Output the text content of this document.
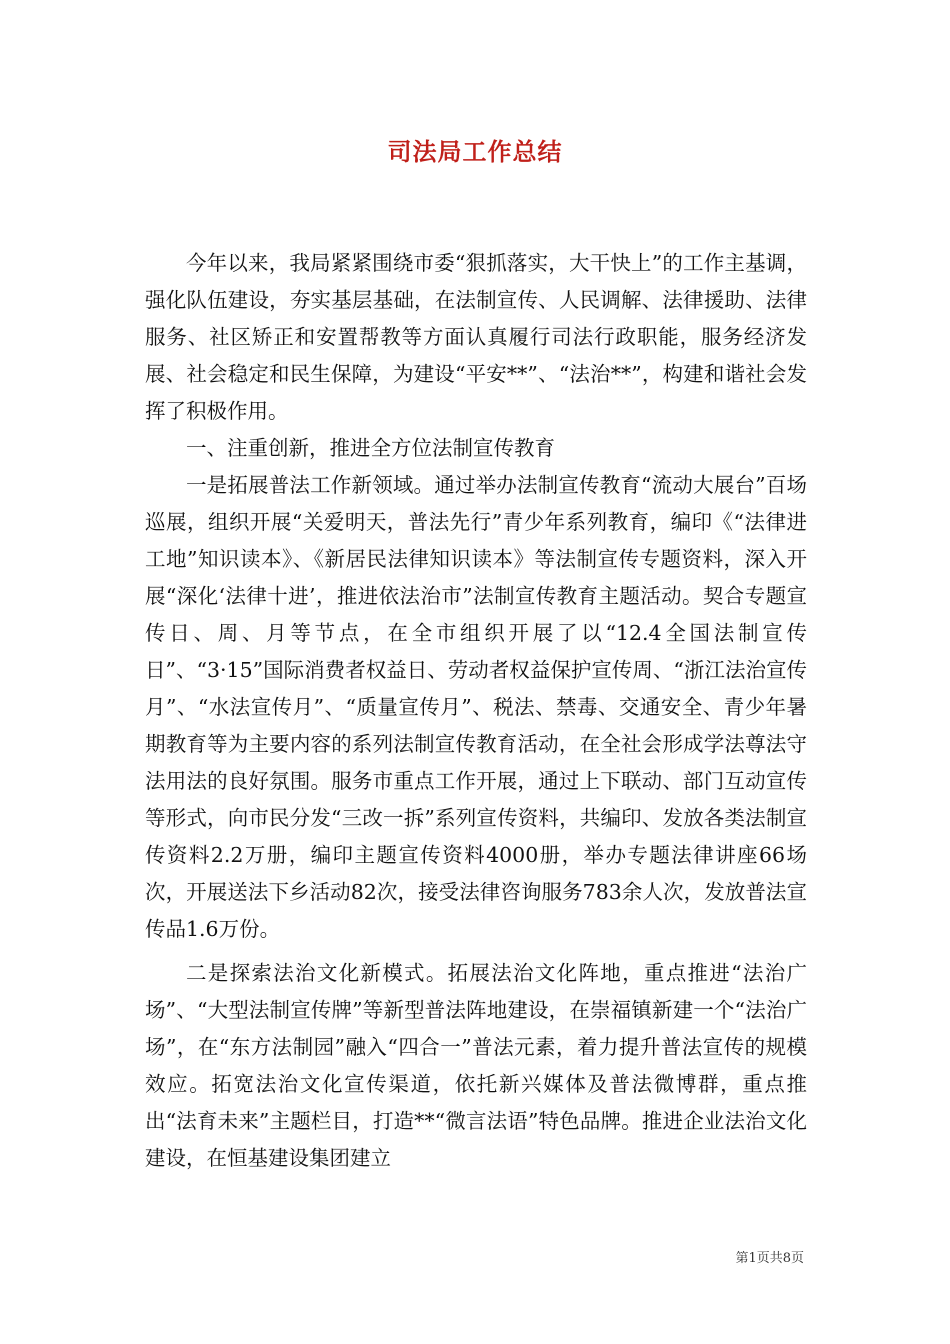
司法局工作总结

今年以来，我局紧紧围绕市委“狠抓落实，大干快上”的工作主基调，强化队伍建设，夯实基层基础，在法制宣传、人民调解、法律援助、法律服务、社区矫正和安置帮教等方面认真履行司法行政职能，服务经济发展、社会稳定和民生保障，为建设“平安**”、“法治**”，构建和谐社会发挥了积极作用。

一、注重创新，推进全方位法制宣传教育

一是拓展普法工作新领域。通过举办法制宣传教育“流动大展台”百场巡展，组织开展“关爱明天，普法先行”青少年系列教育，编印《“法律进工地”知识读本》、《新居民法律知识读本》等法制宣传专题资料，深入开展“深化‘法律十进’，推进依法治市”法制宣传教育主题活动。契合专题宣传日、周、月等节点，在全市组织开展了以“12.4全国法制宣传日”、“3·15”国际消费者权益日、劳动者权益保护宣传周、“浙江法治宣传月”、“水法宣传月”、“质量宣传月”、税法、禁毒、交通安全、青少年暑期教育等为主要内容的系列法制宣传教育活动，在全社会形成学法尊法守法用法的良好氛围。服务市重点工作开展，通过上下联动、部门互动宣传等形式，向市民分发“三改一拆”系列宣传资料，共编印、发放各类法制宣传资料2.2万册，编印主题宣传资料4000册，举办专题法律讲座66场次，开展送法下乡活动82次，接受法律咨询服务783余人次，发放普法宣传品1.6万份。

二是探索法治文化新模式。拓展法治文化阵地，重点推进“法治广场”、“大型法制宣传牌”等新型普法阵地建设，在崇福镇新建一个“法治广场”，在“东方法制园”融入“四合一”普法元素，着力提升普法宣传的规模效应。拓宽法治文化宣传渠道，依托新兴媒体及普法微博群，重点推出“法育未来”主题栏目，打造**“微言法语”特色品牌。推进企业法治文化建设，在恒基建设集团建立

第1页共8页
